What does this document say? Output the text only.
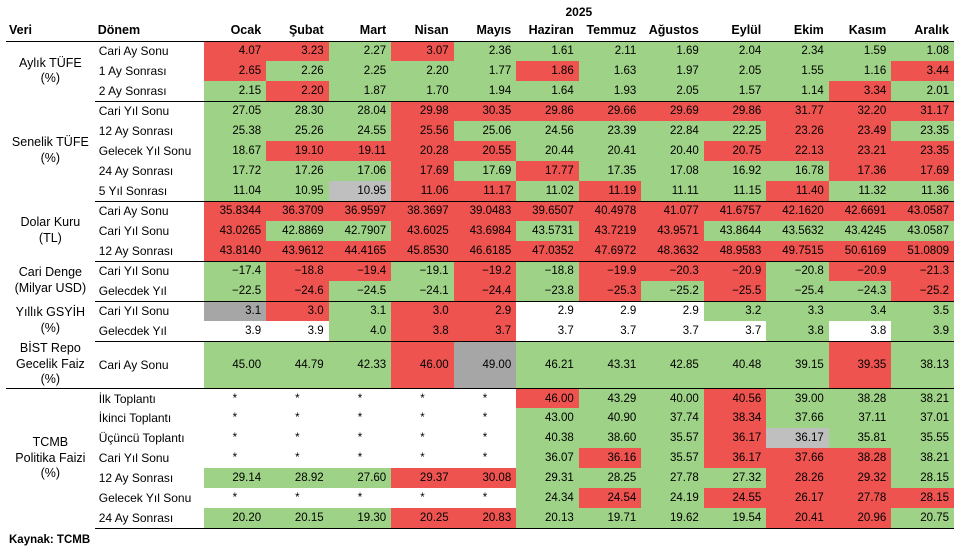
		2025											
Veri	Dönem	Ocak	Şubat	Mart	Nisan	Mayıs	Haziran	Temmuz	Ağustos	Eylül	Ekim	Kasım	Aralık
Aylık TÜFE
(%)	Cari Ay Sonu	4.07	3.23	2.27	3.07	2.36	1.61	2.11	1.69	2.04	2.34	1.59	1.08
	1 Ay Sonrası	2.65	2.26	2.25	2.20	1.77	1.86	1.63	1.97	2.05	1.55	1.16	3.44
	2 Ay Sonrası	2.15	2.20	1.87	1.70	1.94	1.64	1.93	2.05	1.57	1.14	3.34	2.01
Senelik TÜFE
(%)	Cari Yıl Sonu	27.05	28.30	28.04	29.98	30.35	29.86	29.66	29.69	29.86	31.77	32.20	31.17
	12 Ay Sonrası	25.38	25.26	24.55	25.56	25.06	24.56	23.39	22.84	22.25	23.26	23.49	23.35
	Gelecek Yıl Sonu	18.67	19.10	19.11	20.28	20.55	20.44	20.41	20.40	20.75	22.13	23.21	23.35
	24 Ay Sonrası	17.72	17.26	17.06	17.69	17.69	17.77	17.35	17.08	16.92	16.78	17.36	17.69
	5 Yıl Sonrası	11.04	10.95	10.95	11.06	11.17	11.02	11.19	11.11	11.15	11.40	11.32	11.36
Dolar Kuru
(TL)	Cari Ay Sonu	35.8344	36.3709	36.9597	38.3697	39.0483	39.6507	40.4978	41.077	41.6757	42.1620	42.6691	43.0587
	Cari Yıl Sonu	43.0265	42.8869	42.7907	43.6025	43.6984	43.5731	43.7219	43.9571	43.8644	43.5632	43.4245	43.0587
	12 Ay Sonrası	43.8140	43.9612	44.4165	45.8530	46.6185	47.0352	47.6972	48.3632	48.9583	49.7515	50.6169	51.0809
Cari Denge
(Milyar USD)	Cari Yıl Sonu	−17.4	−18.8	−19.4	−19.1	−19.2	−18.8	−19.9	−20.3	−20.9	−20.8	−20.9	−21.3
	Gelecdek Yıl	−22.5	−24.6	−24.5	−24.1	−24.4	−23.8	−25.3	−25.2	−25.5	−25.4	−24.3	−25.2
Yıllık GSYİH
(%)	Cari Yıl Sonu	3.1	3.0	3.1	3.0	2.9	2.9	2.9	2.9	3.2	3.3	3.4	3.5
	Gelecdek Yıl	3.9	3.9	4.0	3.8	3.7	3.7	3.7	3.7	3.7	3.8	3.8	3.9
BİST Repo
Gecelik Faiz
(%)	Cari Ay Sonu	45.00	44.79	42.33	46.00	49.00	46.21	43.31	42.85	40.48	39.15	39.35	38.13
TCMB
Politika Faizi
(%)	İlk Toplantı	*	*	*	*	*	46.00	43.29	40.00	40.56	39.00	38.28	38.21
	İkinci Toplantı	*	*	*	*	*	43.00	40.90	37.74	38.34	37.66	37.11	37.01
	Üçüncü Toplantı	*	*	*	*	*	40.38	38.60	35.57	36.17	36.17	35.81	35.55
	Cari Yıl Sonu	*	*	*	*	*	36.07	36.16	35.57	36.17	37.66	38.28	38.21
	12 Ay Sonrası	29.14	28.92	27.60	29.37	30.08	29.31	28.25	27.78	27.32	28.26	29.32	28.15
	Gelecek Yıl Sonu	*	*	*	*	*	24.34	24.54	24.19	24.55	26.17	27.78	28.15
	24 Ay Sonrası	20.20	20.15	19.30	20.25	20.83	20.13	19.71	19.62	19.54	20.41	20.96	20.75
Kaynak: TCMB
